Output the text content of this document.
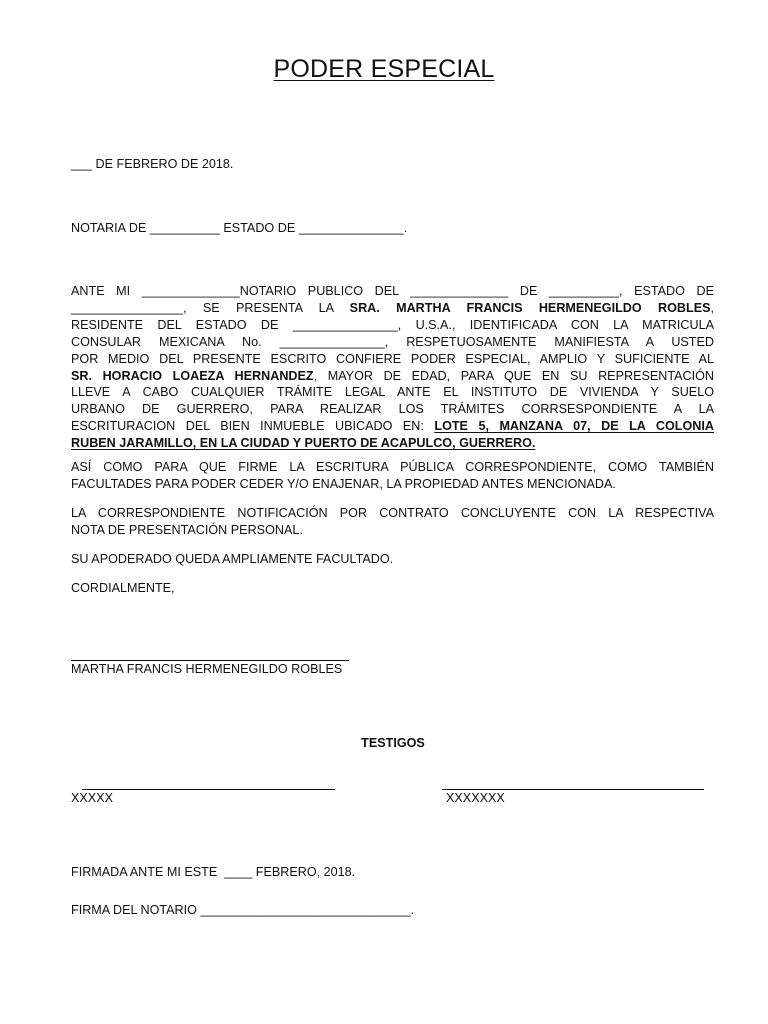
PODER ESPECIAL
___ DE FEBRERO DE 2018.
NOTARIA DE __________ ESTADO DE _______________.
ANTE MI ______________NOTARIO PUBLICO DEL ______________ DE __________, ESTADO DE
________________, SE PRESENTA LA SRA. MARTHA FRANCIS HERMENEGILDO ROBLES,
RESIDENTE DEL ESTADO DE _______________, U.S.A., IDENTIFICADA CON LA MATRICULA
CONSULAR MEXICANA No. _______________, RESPETUOSAMENTE MANIFIESTA A USTED
POR MEDIO DEL PRESENTE ESCRITO CONFIERE PODER ESPECIAL, AMPLIO Y SUFICIENTE AL
SR. HORACIO LOAEZA HERNANDEZ, MAYOR DE EDAD, PARA QUE EN SU REPRESENTACIÓN
LLEVE A CABO CUALQUIER TRÁMITE LEGAL ANTE EL INSTITUTO DE VIVIENDA Y SUELO
URBANO DE GUERRERO, PARA REALIZAR LOS TRÁMITES CORRSESPONDIENTE A LA
ESCRITURACION DEL BIEN INMUEBLE UBICADO EN: LOTE 5, MANZANA 07, DE LA COLONIA
RUBEN JARAMILLO, EN LA CIUDAD Y PUERTO DE ACAPULCO, GUERRERO.
ASÍ COMO PARA QUE FIRME LA ESCRITURA PÚBLICA CORRESPONDIENTE, COMO TAMBIÉN
FACULTADES PARA PODER CEDER Y/O ENAJENAR, LA PROPIEDAD ANTES MENCIONADA.
LA CORRESPONDIENTE NOTIFICACIÓN POR CONTRATO CONCLUYENTE CON LA RESPECTIVA
NOTA DE PRESENTACIÓN PERSONAL.
SU APODERADO QUEDA AMPLIAMENTE FACULTADO.
CORDIALMENTE,
MARTHA FRANCIS HERMENEGILDO ROBLES
TESTIGOS
XXXXX	XXXXXXX
FIRMADA ANTE MI ESTE  ____ FEBRERO, 2018.
FIRMA DEL NOTARIO ______________________________.
